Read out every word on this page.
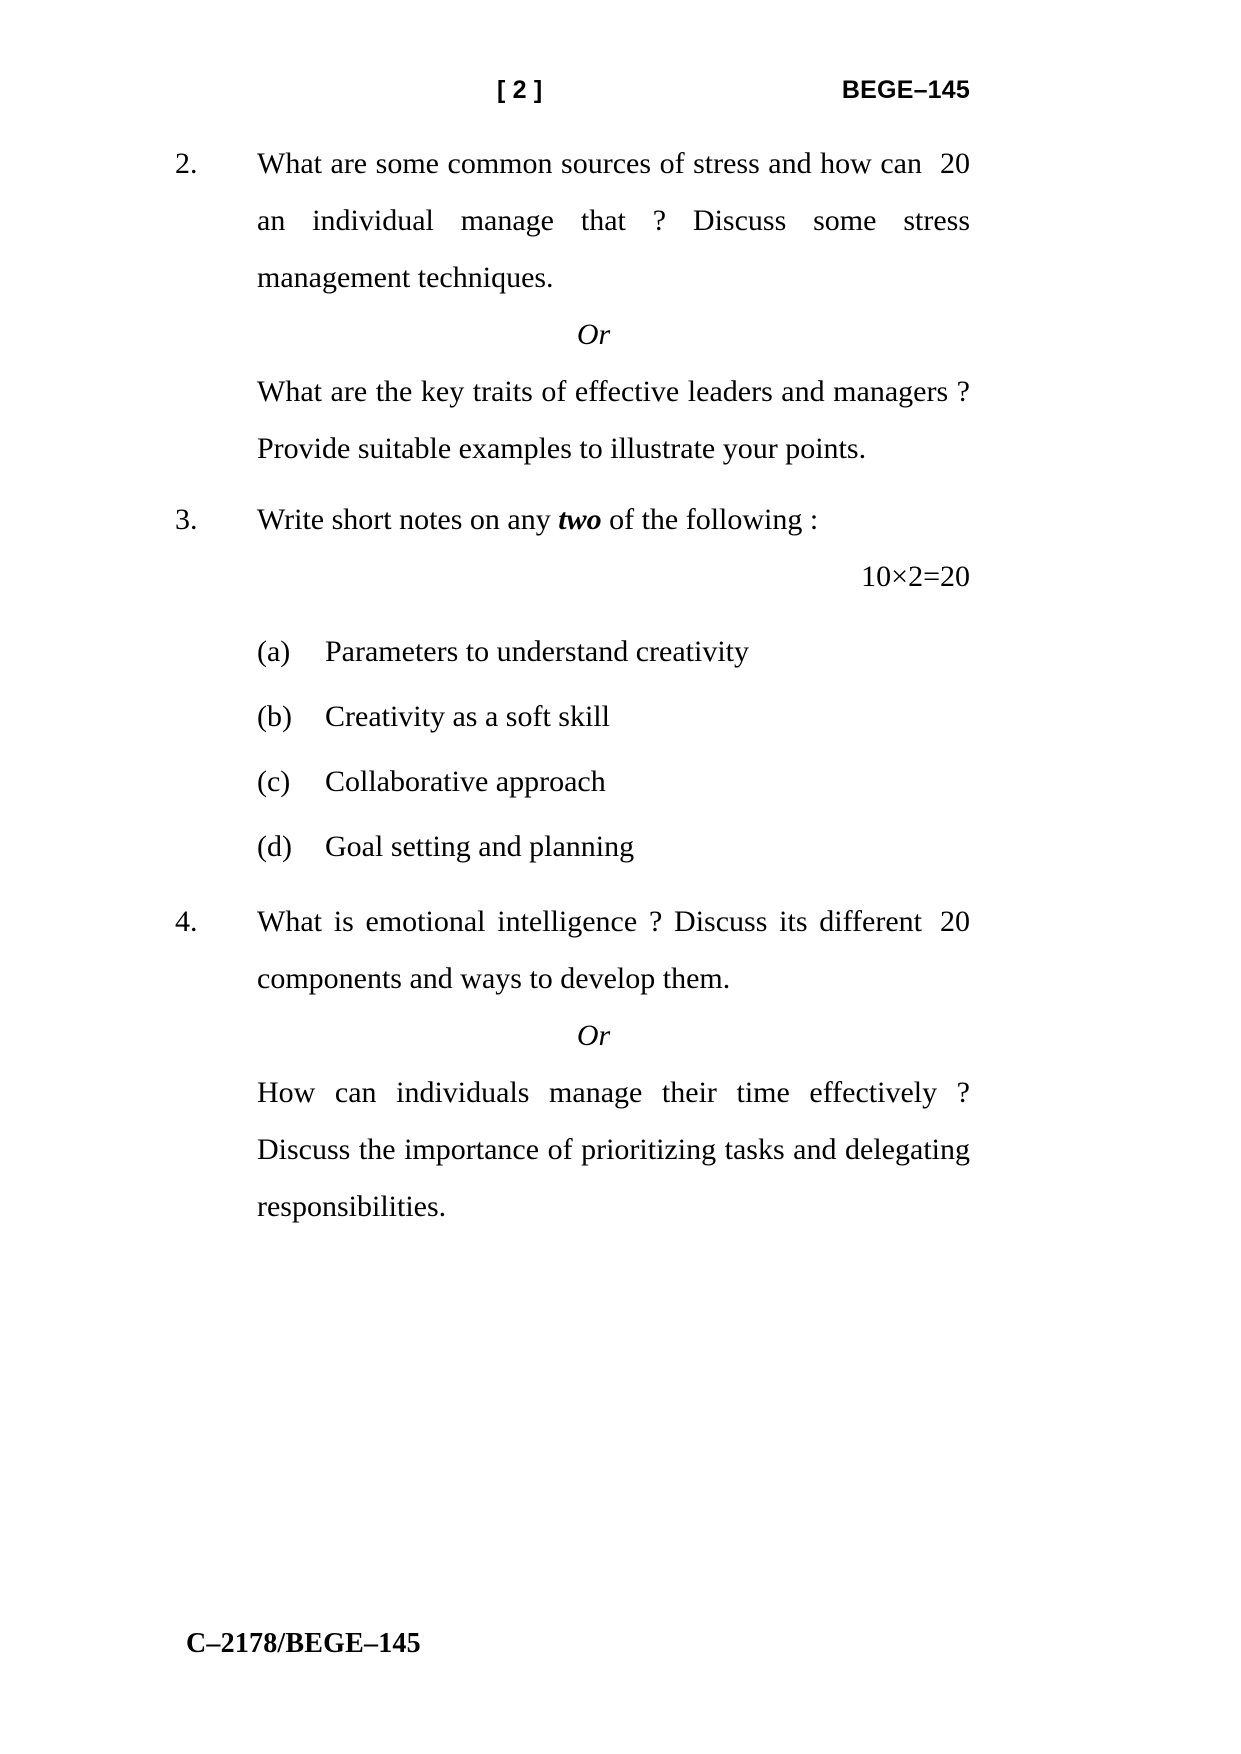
[ 2 ]	BEGE–145
2.	20
What are some common sources of stress and how can an individual manage that ? Discuss some stress management techniques.
Or
What are the key traits of effective leaders and managers ? Provide suitable examples to illustrate your points.
3.	Write short notes on any two of the following :
10×2=20
(a)	Parameters to understand creativity
(b)	Creativity as a soft skill
(c)	Collaborative approach
(d)	Goal setting and planning
4.	20
What is emotional intelligence ? Discuss its different components and ways to develop them.
Or
How can individuals manage their time effectively ? Discuss the importance of prioritizing tasks and delegating responsibilities.
C–2178/BEGE–145
